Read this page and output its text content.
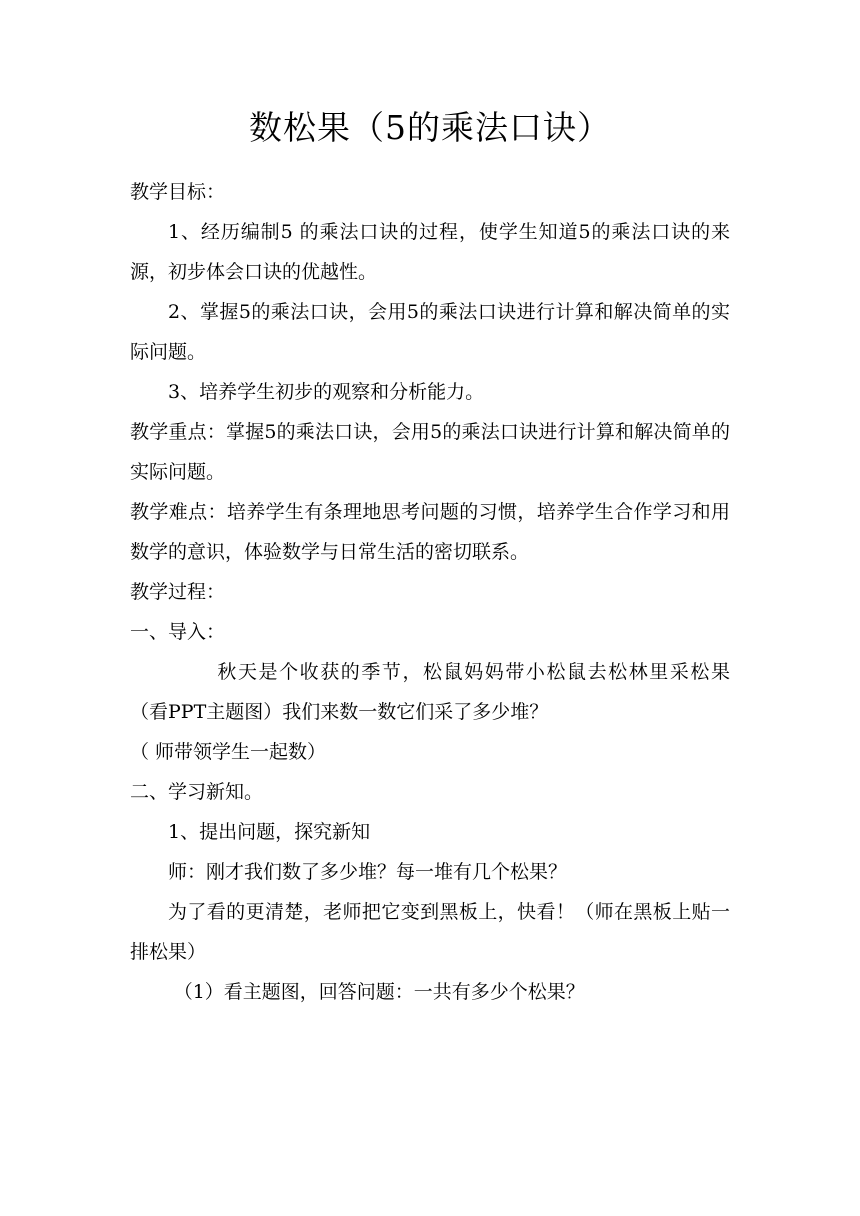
数松果（5的乘法口诀）

教学目标：

1、经历编制5 的乘法口诀的过程，使学生知道5的乘法口诀的来源，初步体会口诀的优越性。

2、掌握5的乘法口诀，会用5的乘法口诀进行计算和解决简单的实际问题。

3、培养学生初步的观察和分析能力。

教学重点：掌握5的乘法口诀，会用5的乘法口诀进行计算和解决简单的实际问题。

教学难点：培养学生有条理地思考问题的习惯，培养学生合作学习和用数学的意识，体验数学与日常生活的密切联系。

教学过程：

一、导入：

秋天是个收获的季节，松鼠妈妈带小松鼠去松林里采松果（看PPT主题图）我们来数一数它们采了多少堆？

（ 师带领学生一起数）

二、学习新知。

1、提出问题，探究新知

师：刚才我们数了多少堆？每一堆有几个松果？

为了看的更清楚，老师把它变到黑板上，快看！（师在黑板上贴一排松果）

（1）看主题图，回答问题：一共有多少个松果？
